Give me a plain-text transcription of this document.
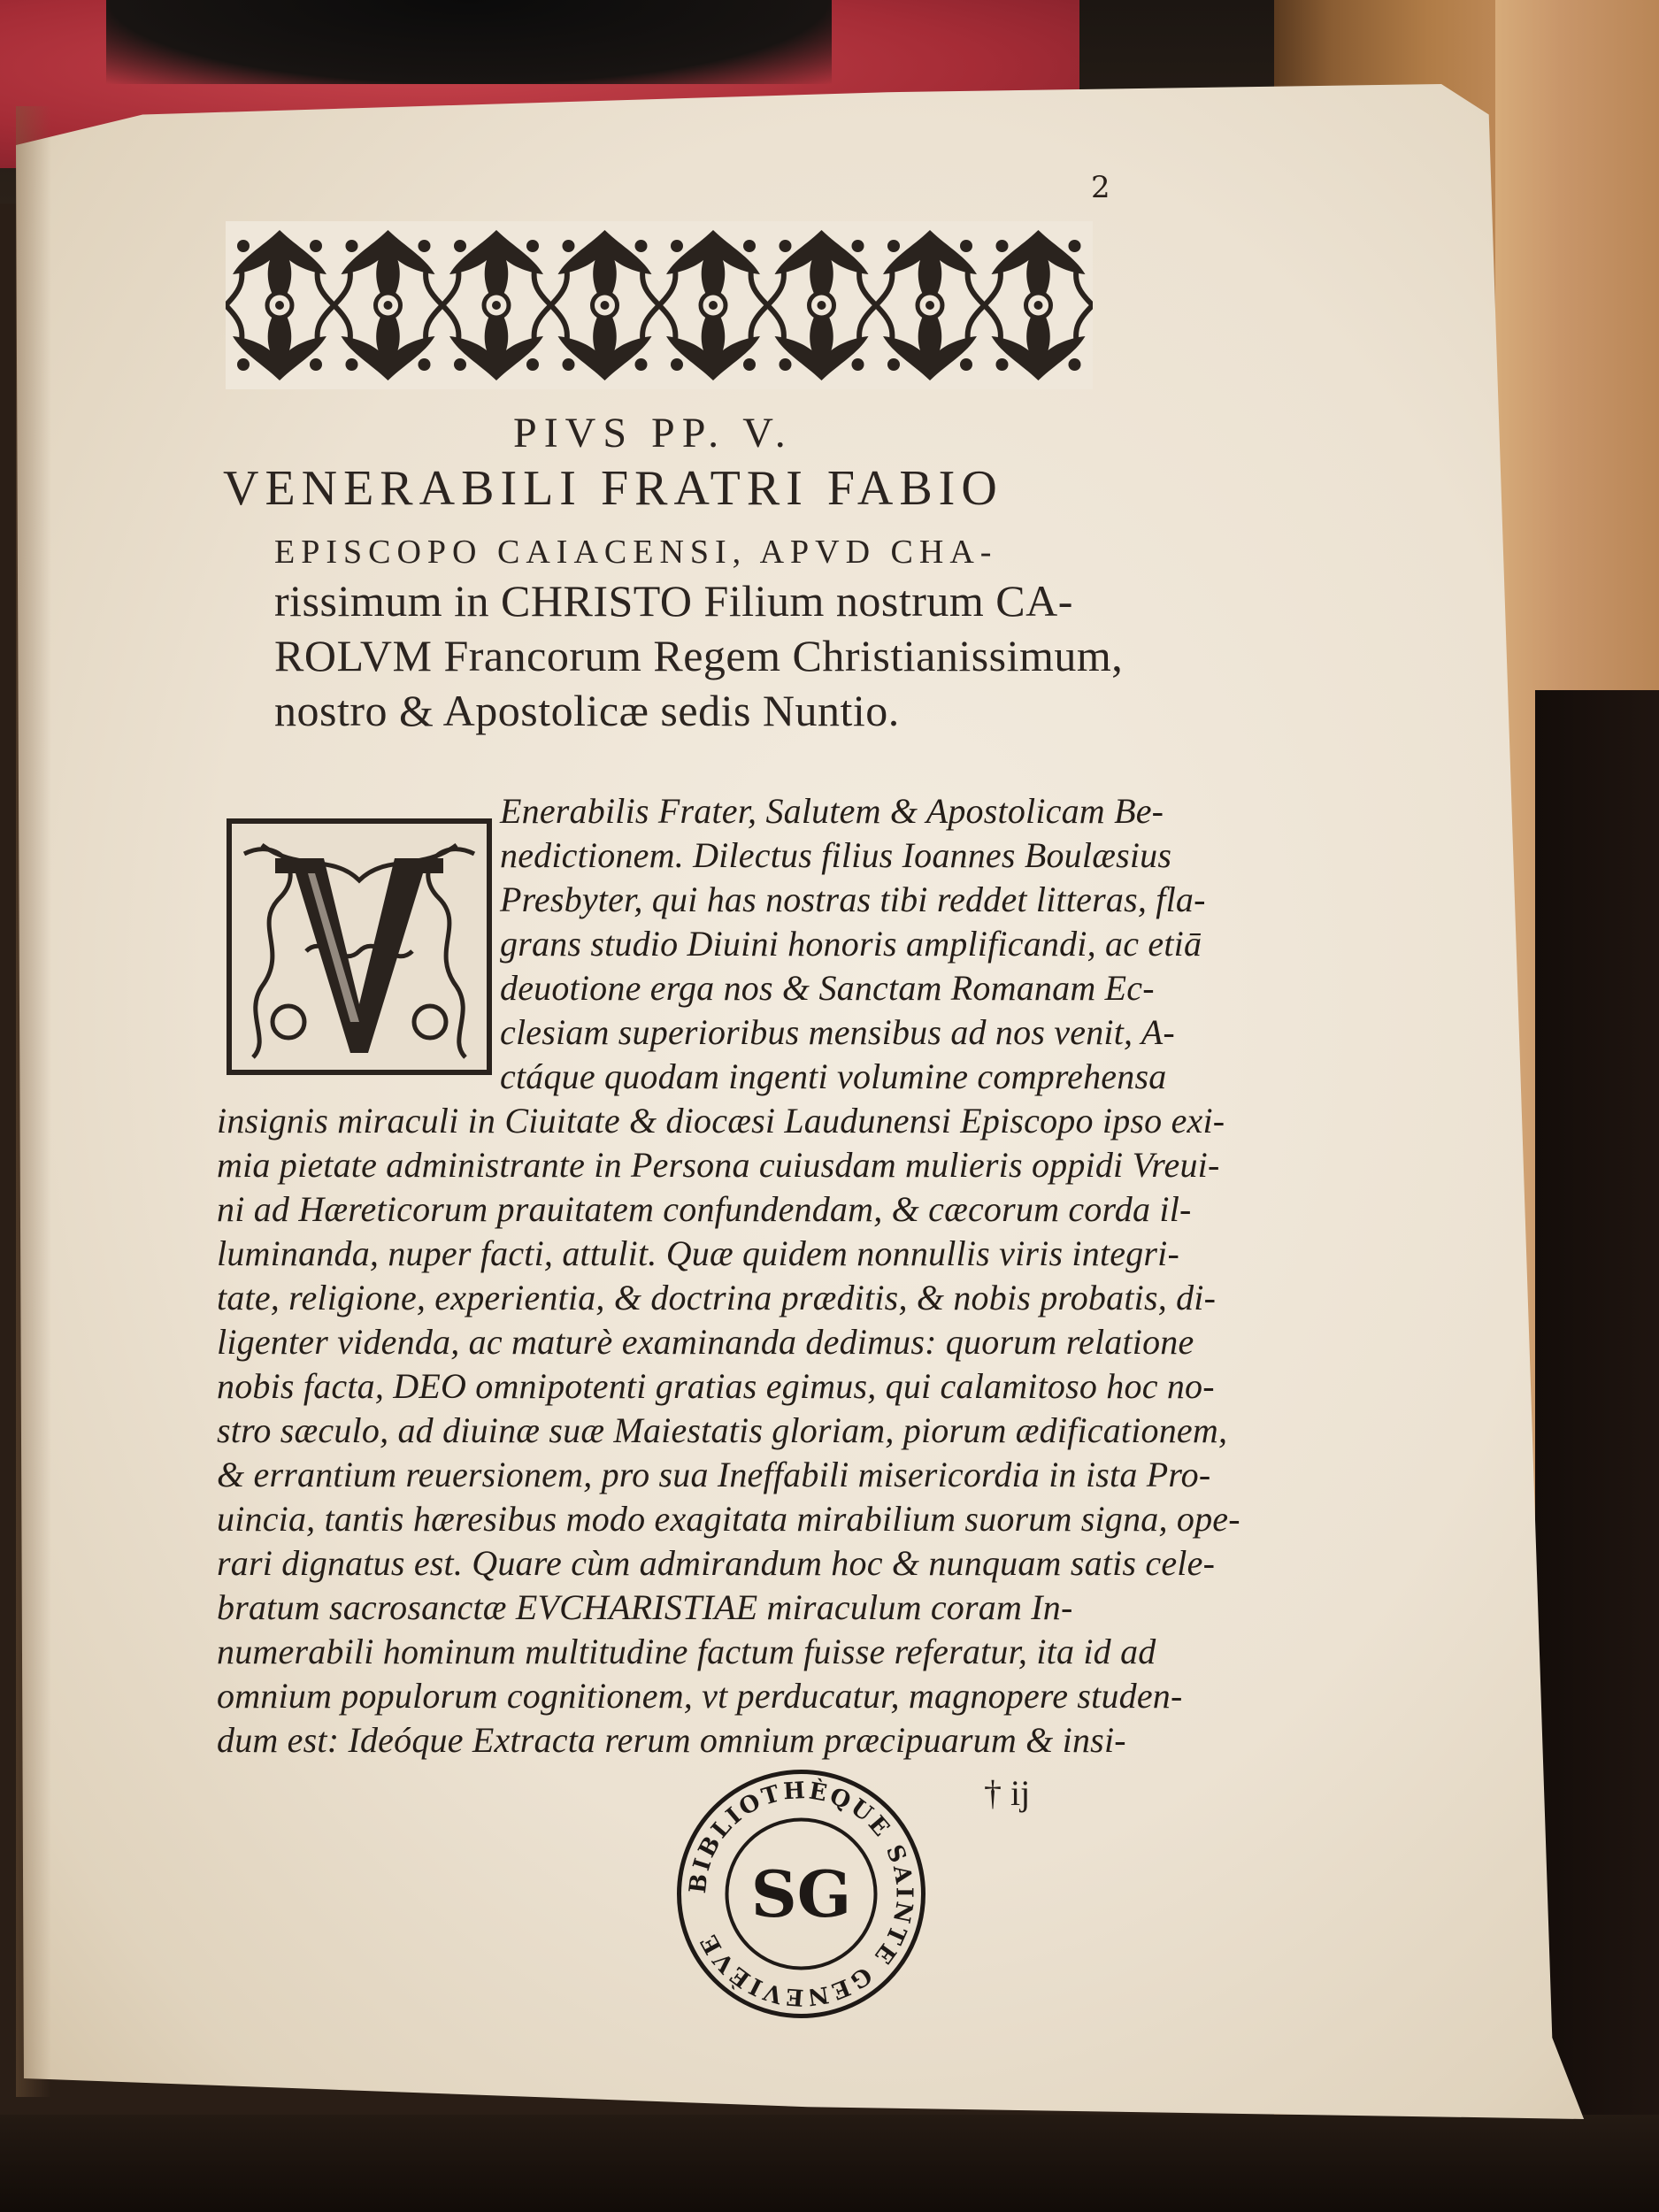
2
PIVS PP. V.
VENERABILI FRATRI FABIO
EPISCOPO CAIACENSI, APVD CHA-
rissimum in CHRISTO Filium nostrum CA-
ROLVM Francorum Regem Christianissimum,
nostro & Apostolicæ sedis Nuntio.
Enerabilis Frater, Salutem & Apostolicam Be-
nedictionem. Dilectus filius Ioannes Boulæsius
Presbyter, qui has nostras tibi reddet litteras, fla-
grans studio Diuini honoris amplificandi, ac etiā
deuotione erga nos & Sanctam Romanam Ec-
clesiam superioribus mensibus ad nos venit, A-
ctáque quodam ingenti volumine comprehensa
insignis miraculi in Ciuitate & diocæsi Laudunensi Episcopo ipso exi-
mia pietate administrante in Persona cuiusdam mulieris oppidi Vreui-
ni ad Hæreticorum prauitatem confundendam, & cæcorum corda il-
luminanda, nuper facti, attulit. Quæ quidem nonnullis viris integri-
tate, religione, experientia, & doctrina præditis, & nobis probatis, di-
ligenter videnda, ac maturè examinanda dedimus: quorum relatione
nobis facta, DEO omnipotenti gratias egimus, qui calamitoso hoc no-
stro sæculo, ad diuinæ suæ Maiestatis gloriam, piorum ædificationem,
& errantium reuersionem, pro sua Ineffabili misericordia in ista Pro-
uincia, tantis hæresibus modo exagitata mirabilium suorum signa, ope-
rari dignatus est. Quare cùm admirandum hoc & nunquam satis cele-
bratum sacrosanctæ EVCHARISTIAE miraculum coram In-
numerabili hominum multitudine factum fuisse referatur, ita id ad
omnium populorum cognitionem, vt perducatur, magnopere studen-
dum est: Ideóque Extracta rerum omnium præcipuarum & insi-
† ij
BIBLIOTHÈQUE SAINTE GENEVIÈVE
SG
